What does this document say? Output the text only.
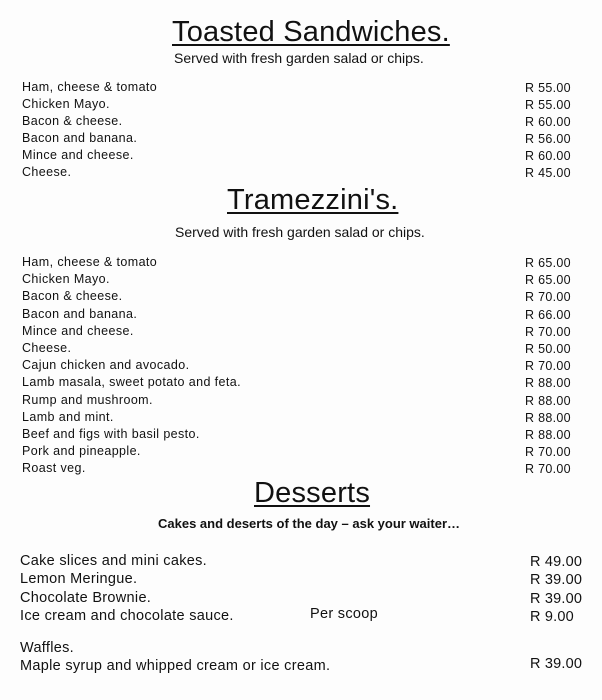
Toasted Sandwiches.
Served with fresh garden salad or chips.
Ham, cheese & tomato	R 55.00
Chicken Mayo.	R 55.00
Bacon & cheese.	R 60.00
Bacon and banana.	R 56.00
Mince and cheese.	R 60.00
Cheese.	R 45.00
Tramezzini's.
Served with fresh garden salad or chips.
Ham, cheese & tomato	R 65.00
Chicken Mayo.	R 65.00
Bacon & cheese.	R 70.00
Bacon and banana.	R 66.00
Mince and cheese.	R 70.00
Cheese.	R 50.00
Cajun chicken and avocado.	R 70.00
Lamb masala, sweet potato and feta.	R 88.00
Rump and mushroom.	R 88.00
Lamb and mint.	R 88.00
Beef and figs with basil pesto.	R 88.00
Pork and pineapple.	R 70.00
Roast veg.	R 70.00
Desserts
Cakes and deserts of the day – ask your waiter…
Cake slices and mini cakes.	R 49.00
Lemon Meringue.	R 39.00
Chocolate Brownie.	R 39.00
Ice cream and chocolate sauce.	Per scoop	R 9.00
Waffles.
Maple syrup and whipped cream or ice cream.	R 39.00
